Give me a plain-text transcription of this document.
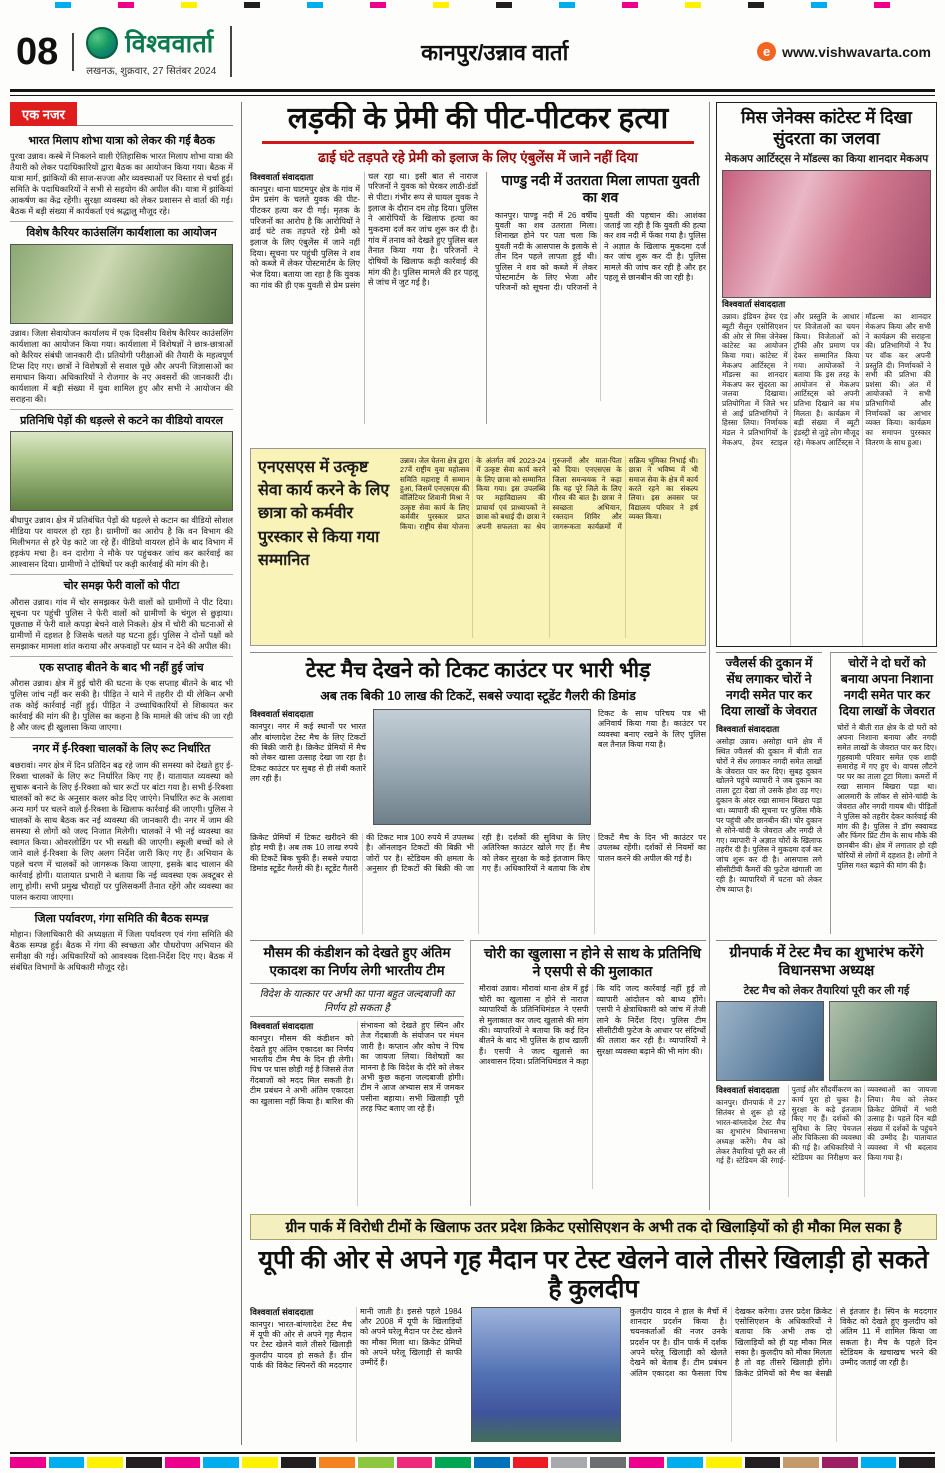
08	विश्ववार्ता
लखनऊ, शुक्रवार, 27 सितंबर 2024
कानपुर/उन्नाव वार्ता	e www.vishwavarta.com
एक नजर
भारत मिलाप शोभा यात्रा को लेकर की गई बैठक

पुरवा उन्नाव। कस्बे में निकलने वाली ऐतिहासिक भारत मिलाप शोभा यात्रा की तैयारी को लेकर पदाधिकारियों द्वारा बैठक का आयोजन किया गया। बैठक में यात्रा मार्ग, झांकियों की साज-सज्जा और व्यवस्थाओं पर विस्तार से चर्चा हुई। समिति के पदाधिकारियों ने सभी से सहयोग की अपील की। यात्रा में झांकियां आकर्षण का केंद्र रहेंगी। सुरक्षा व्यवस्था को लेकर प्रशासन से वार्ता की गई। बैठक में बड़ी संख्या में कार्यकर्ता एवं श्रद्धालु मौजूद रहे।

विशेष कैरियर काउंसलिंग कार्यशाला का आयोजन

उन्नाव। जिला सेवायोजन कार्यालय में एक दिवसीय विशेष कैरियर काउंसलिंग कार्यशाला का आयोजन किया गया। कार्यशाला में विशेषज्ञों ने छात्र-छात्राओं को कैरियर संबंधी जानकारी दी। प्रतियोगी परीक्षाओं की तैयारी के महत्वपूर्ण टिप्स दिए गए। छात्रों ने विशेषज्ञों से सवाल पूछे और अपनी जिज्ञासाओं का समाधान किया। अधिकारियों ने रोजगार के नए अवसरों की जानकारी दी। कार्यशाला में बड़ी संख्या में युवा शामिल हुए और सभी ने आयोजन की सराहना की।

प्रतिनिधि पेड़ों की धड़ल्ले से कटने का वीडियो वायरल

बीघापुर उन्नाव। क्षेत्र में प्रतिबंधित पेड़ों की धड़ल्ले से कटान का वीडियो सोशल मीडिया पर वायरल हो रहा है। ग्रामीणों का आरोप है कि वन विभाग की मिलीभगत से हरे पेड़ काटे जा रहे हैं। वीडियो वायरल होने के बाद विभाग में हड़कंप मचा है। वन दारोगा ने मौके पर पहुंचकर जांच कर कार्रवाई का आश्वासन दिया। ग्रामीणों ने दोषियों पर कड़ी कार्रवाई की मांग की है।

चोर समझ फेरी वालों को पीटा

औरास उन्नाव। गांव में चोर समझकर फेरी वालों को ग्रामीणों ने पीट दिया। सूचना पर पहुंची पुलिस ने फेरी वालों को ग्रामीणों के चंगुल से छुड़ाया। पूछताछ में फेरी वाले कपड़ा बेचने वाले निकले। क्षेत्र में चोरी की घटनाओं से ग्रामीणों में दहशत है जिसके चलते यह घटना हुई। पुलिस ने दोनों पक्षों को समझाकर मामला शांत कराया और अफवाहों पर ध्यान न देने की अपील की।

एक सप्ताह बीतने के बाद भी नहीं हुई जांच

औरास उन्नाव। क्षेत्र में हुई चोरी की घटना के एक सप्ताह बीतने के बाद भी पुलिस जांच नहीं कर सकी है। पीड़ित ने थाने में तहरीर दी थी लेकिन अभी तक कोई कार्रवाई नहीं हुई। पीड़ित ने उच्चाधिकारियों से शिकायत कर कार्रवाई की मांग की है। पुलिस का कहना है कि मामले की जांच की जा रही है और जल्द ही खुलासा किया जाएगा।

नगर में ई-रिक्शा चालकों के लिए रूट निर्धारित

बछरावां। नगर क्षेत्र में दिन प्रतिदिन बढ़ रहे जाम की समस्या को देखते हुए ई-रिक्शा चालकों के लिए रूट निर्धारित किए गए हैं। यातायात व्यवस्था को सुचारू बनाने के लिए ई-रिक्शा को चार रूटों पर बांटा गया है। सभी ई-रिक्शा चालकों को रूट के अनुसार कलर कोड दिए जाएंगे। निर्धारित रूट के अलावा अन्य मार्ग पर चलने वाले ई-रिक्शा के खिलाफ कार्रवाई की जाएगी। पुलिस ने चालकों के साथ बैठक कर नई व्यवस्था की जानकारी दी। नगर में जाम की समस्या से लोगों को जल्द निजात मिलेगी। चालकों ने भी नई व्यवस्था का स्वागत किया। ओवरलोडिंग पर भी सख्ती की जाएगी। स्कूली बच्चों को ले जाने वाले ई-रिक्शा के लिए अलग निर्देश जारी किए गए हैं। अभियान के पहले चरण में चालकों को जागरूक किया जाएगा, इसके बाद चालान की कार्रवाई होगी। यातायात प्रभारी ने बताया कि नई व्यवस्था एक अक्टूबर से लागू होगी। सभी प्रमुख चौराहों पर पुलिसकर्मी तैनात रहेंगे और व्यवस्था का पालन कराया जाएगा।

जिला पर्यावरण, गंगा समिति की बैठक सम्पन्न

मोहान। जिलाधिकारी की अध्यक्षता में जिला पर्यावरण एवं गंगा समिति की बैठक सम्पन्न हुई। बैठक में गंगा की स्वच्छता और पौधरोपण अभियान की समीक्षा की गई। अधिकारियों को आवश्यक दिशा-निर्देश दिए गए। बैठक में संबंधित विभागों के अधिकारी मौजूद रहे।

लड़की के प्रेमी की पीट-पीटकर हत्या
ढाई घंटे तड़पते रहे प्रेमी को इलाज के लिए एंबुलेंस में जाने नहीं दिया
विश्ववार्ता संवाददाता
कानपुर। थाना घाटमपुर क्षेत्र के गांव में प्रेम प्रसंग के चलते युवक की पीट-पीटकर हत्या कर दी गई। मृतक के परिजनों का आरोप है कि आरोपियों ने ढाई घंटे तक तड़पते रहे प्रेमी को इलाज के लिए एंबुलेंस में जाने नहीं दिया। सूचना पर पहुंची पुलिस ने शव को कब्जे में लेकर पोस्टमार्टम के लिए भेज दिया। बताया जा रहा है कि युवक का गांव की ही एक युवती से प्रेम प्रसंग चल रहा था। इसी बात से नाराज परिजनों ने युवक को घेरकर लाठी-डंडों से पीटा। गंभीर रूप से घायल युवक ने इलाज के दौरान दम तोड़ दिया। पुलिस ने आरोपियों के खिलाफ हत्या का मुकदमा दर्ज कर जांच शुरू कर दी है। गांव में तनाव को देखते हुए पुलिस बल तैनात किया गया है। परिजनों ने दोषियों के खिलाफ कड़ी कार्रवाई की मांग की है। पुलिस मामले की हर पहलू से जांच में जुट गई है।
पाण्डु नदी में उतराता मिला लापता युवती का शव
कानपुर। पाण्डु नदी में 26 वर्षीय युवती का शव उतराता मिला। शिनाख्त होने पर पता चला कि युवती नदी के आसपास के इलाके से तीन दिन पहले लापता हुई थी। पुलिस ने शव को कब्जे में लेकर पोस्टमार्टम के लिए भेजा और परिजनों को सूचना दी। परिजनों ने युवती की पहचान की। आशंका जताई जा रही है कि युवती की हत्या कर शव नदी में फेंका गया है। पुलिस ने अज्ञात के खिलाफ मुकदमा दर्ज कर जांच शुरू कर दी है। पुलिस मामले की जांच कर रही है और हर पहलू से छानबीन की जा रही है।
मिस जेनेक्स कांटेस्ट में दिखा सुंदरता का जलवा
मेकअप आर्टिस्ट्स ने मॉडल्स का किया शानदार मेकअप
विश्ववार्ता संवाददाता
उन्नाव। इंडियन हेयर एंड ब्यूटी सैलून एसोसिएशन की ओर से मिस जेनेक्स कांटेस्ट का आयोजन किया गया। कांटेस्ट में मेकअप आर्टिस्ट्स ने मॉडल्स का शानदार मेकअप कर सुंदरता का जलवा दिखाया। प्रतियोगिता में जिले भर से आईं प्रतिभागियों ने हिस्सा लिया। निर्णायक मंडल ने प्रतिभागियों के मेकअप, हेयर स्टाइल और प्रस्तुति के आधार पर विजेताओं का चयन किया। विजेताओं को ट्रॉफी और प्रमाण पत्र देकर सम्मानित किया गया। आयोजकों ने बताया कि इस तरह के आयोजन से मेकअप आर्टिस्ट्स को अपनी प्रतिभा दिखाने का मंच मिलता है। कार्यक्रम में बड़ी संख्या में ब्यूटी इंडस्ट्री से जुड़े लोग मौजूद रहे। मेकअप आर्टिस्ट्स ने मॉडल्स का शानदार मेकअप किया और सभी ने कार्यक्रम की सराहना की। प्रतिभागियों ने रैंप पर वॉक कर अपनी प्रस्तुति दी। निर्णायकों ने सभी की प्रतिभा की प्रशंसा की। अंत में आयोजकों ने सभी प्रतिभागियों और निर्णायकों का आभार व्यक्त किया। कार्यक्रम का समापन पुरस्कार वितरण के साथ हुआ।
एनएसएस में उत्कृष्ट सेवा कार्य करने के लिए छात्रा को कर्मवीर पुरस्कार से किया गया सम्मानित
उन्नाव। जेल चेतना क्षेत्र द्वारा 27वें राष्ट्रीय युवा महोत्सव समिति महाराष्ट्र में सम्मान हुआ, जिसमें एनएसएस की वॉलिंटियर शिवानी मिश्रा ने उत्कृष्ट सेवा कार्य के लिए कर्मवीर पुरस्कार प्राप्त किया। राष्ट्रीय सेवा योजना के अंतर्गत वर्ष 2023-24 में उत्कृष्ट सेवा कार्य करने के लिए छात्रा को सम्मानित किया गया। इस उपलब्धि पर महाविद्यालय की प्राचार्या एवं प्राध्यापकों ने छात्रा को बधाई दी। छात्रा ने अपनी सफलता का श्रेय गुरुजनों और माता-पिता को दिया। एनएसएस के जिला समन्वयक ने कहा कि यह पूरे जिले के लिए गौरव की बात है। छात्रा ने स्वच्छता अभियान, रक्तदान शिविर और जागरूकता कार्यक्रमों में सक्रिय भूमिका निभाई थी। छात्रा ने भविष्य में भी समाज सेवा के क्षेत्र में कार्य करते रहने का संकल्प लिया। इस अवसर पर विद्यालय परिवार ने हर्ष व्यक्त किया।
टेस्ट मैच देखने को टिकट काउंटर पर भारी भीड़
अब तक बिकी 10 लाख की टिकटें, सबसे ज्यादा स्टूडेंट गैलरी की डिमांड
विश्ववार्ता संवाददाता
कानपुर। नगर में कई स्थानों पर भारत और बांग्लादेश टेस्ट मैच के लिए टिकटों की बिक्री जारी है। क्रिकेट प्रेमियों में मैच को लेकर खासा उत्साह देखा जा रहा है। टिकट काउंटर पर सुबह से ही लंबी कतारें लग रही हैं।
टिकट के साथ परिचय पत्र भी अनिवार्य किया गया है। काउंटर पर व्यवस्था बनाए रखने के लिए पुलिस बल तैनात किया गया है।
क्रिकेट प्रेमियों में टिकट खरीदने की होड़ मची है। अब तक 10 लाख रुपये की टिकटें बिक चुकी हैं। सबसे ज्यादा डिमांड स्टूडेंट गैलरी की है। स्टूडेंट गैलरी की टिकट मात्र 100 रुपये में उपलब्ध है। ऑनलाइन टिकटों की बिक्री भी जोरों पर है। स्टेडियम की क्षमता के अनुसार ही टिकटों की बिक्री की जा रही है। दर्शकों की सुविधा के लिए अतिरिक्त काउंटर खोले गए हैं। मैच को लेकर सुरक्षा के कड़े इंतजाम किए गए हैं। अधिकारियों ने बताया कि शेष टिकटें मैच के दिन भी काउंटर पर उपलब्ध रहेंगी। दर्शकों से नियमों का पालन करने की अपील की गई है।
ज्वैलर्स की दुकान में सेंध लगाकर चोरों ने नगदी समेत पार कर दिया लाखों के जेवरात
विश्ववार्ता संवाददाता

असोहा उन्नाव। असोहा थाने क्षेत्र में स्थित ज्वैलर्स की दुकान में बीती रात चोरों ने सेंध लगाकर नगदी समेत लाखों के जेवरात पार कर दिए। सुबह दुकान खोलने पहुंचे व्यापारी ने जब दुकान का ताला टूटा देखा तो उसके होश उड़ गए। दुकान के अंदर रखा सामान बिखरा पड़ा था। व्यापारी की सूचना पर पुलिस मौके पर पहुंची और छानबीन की। चोर दुकान से सोने-चांदी के जेवरात और नगदी ले गए। व्यापारी ने अज्ञात चोरों के खिलाफ तहरीर दी है। पुलिस ने मुकदमा दर्ज कर जांच शुरू कर दी है। आसपास लगे सीसीटीवी कैमरों की फुटेज खंगाली जा रही है। व्यापारियों में घटना को लेकर रोष व्याप्त है।

चोरों ने दो घरों को बनाया अपना निशाना नगदी समेत पार कर दिया लाखों के जेवरात

चोरों ने बीती रात क्षेत्र के दो घरों को अपना निशाना बनाया और नगदी समेत लाखों के जेवरात पार कर दिए। गृहस्वामी परिवार समेत एक शादी समारोह में गए हुए थे। वापस लौटने पर घर का ताला टूटा मिला। कमरों में रखा सामान बिखरा पड़ा था। आलमारी के लॉकर से सोने-चांदी के जेवरात और नगदी गायब थी। पीड़ितों ने पुलिस को तहरीर देकर कार्रवाई की मांग की है। पुलिस ने डॉग स्क्वायड और फिंगर प्रिंट टीम के साथ मौके की छानबीन की। क्षेत्र में लगातार हो रही चोरियों से लोगों में दहशत है। लोगों ने पुलिस गश्त बढ़ाने की मांग की है।

मौसम की कंडीशन को देखते हुए अंतिम एकादश का निर्णय लेगी भारतीय टीम
विदेश के यात्कार पर अभी का पाना बहुत जल्दबाजी का निर्णय हो सकता है
विश्ववार्ता संवाददाता
कानपुर। मौसम की कंडीशन को देखते हुए अंतिम एकादश का निर्णय भारतीय टीम मैच के दिन ही लेगी। पिच पर घास छोड़ी गई है जिससे तेज गेंदबाजों को मदद मिल सकती है। टीम प्रबंधन ने अभी अंतिम एकादश का खुलासा नहीं किया है। बारिश की संभावना को देखते हुए स्पिन और तेज गेंदबाजी के संयोजन पर मंथन जारी है। कप्तान और कोच ने पिच का जायजा लिया। विशेषज्ञों का मानना है कि विदेश के दौरे को लेकर अभी कुछ कहना जल्दबाजी होगी। टीम ने आज अभ्यास सत्र में जमकर पसीना बहाया। सभी खिलाड़ी पूरी तरह फिट बताए जा रहे हैं।
चोरी का खुलासा न होने से साथ के प्रतिनिधि ने एसपी से की मुलाकात
मौरावां उन्नाव। मौरावां थाना क्षेत्र में हुई चोरी का खुलासा न होने से नाराज व्यापारियों के प्रतिनिधिमंडल ने एसपी से मुलाकात कर जल्द खुलासे की मांग की। व्यापारियों ने बताया कि कई दिन बीतने के बाद भी पुलिस के हाथ खाली हैं। एसपी ने जल्द खुलासे का आश्वासन दिया। प्रतिनिधिमंडल ने कहा कि यदि जल्द कार्रवाई नहीं हुई तो व्यापारी आंदोलन को बाध्य होंगे। एसपी ने क्षेत्राधिकारी को जांच में तेजी लाने के निर्देश दिए। पुलिस टीम सीसीटीवी फुटेज के आधार पर संदिग्धों की तलाश कर रही है। व्यापारियों ने सुरक्षा व्यवस्था बढ़ाने की भी मांग की।
ग्रीनपार्क में टेस्ट मैच का शुभारंभ करेंगे विधानसभा अध्यक्ष
टेस्ट मैच को लेकर तैयारियां पूरी कर ली गई
विश्ववार्ता संवाददाता
कानपुर। ग्रीनपार्क में 27 सितंबर से शुरू हो रहे भारत-बांग्लादेश टेस्ट मैच का शुभारंभ विधानसभा अध्यक्ष करेंगे। मैच को लेकर तैयारियां पूरी कर ली गई हैं। स्टेडियम की रंगाई-पुताई और सौंदर्यीकरण का कार्य पूरा हो चुका है। सुरक्षा के कड़े इंतजाम किए गए हैं। दर्शकों की सुविधा के लिए पेयजल और चिकित्सा की व्यवस्था की गई है। अधिकारियों ने स्टेडियम का निरीक्षण कर व्यवस्थाओं का जायजा लिया। मैच को लेकर क्रिकेट प्रेमियों में भारी उत्साह है। पहले दिन बड़ी संख्या में दर्शकों के पहुंचने की उम्मीद है। यातायात व्यवस्था में भी बदलाव किया गया है।
ग्रीन पार्क में विरोधी टीमों के खिलाफ उतर प्रदेश क्रिकेट एसोसिएशन के अभी तक दो खिलाड़ियों को ही मौका मिल सका है
यूपी की ओर से अपने गृह मैदान पर टेस्ट खेलने वाले तीसरे खिलाड़ी हो सकते है कुलदीप
विश्ववार्ता संवाददाता
कानपुर। भारत-बांग्लादेश टेस्ट मैच में यूपी की ओर से अपने गृह मैदान पर टेस्ट खेलने वाले तीसरे खिलाड़ी कुलदीप यादव हो सकते हैं। ग्रीन पार्क की विकेट स्पिनरों की मददगार मानी जाती है। इससे पहले 1984 और 2008 में यूपी के खिलाड़ियों को अपने घरेलू मैदान पर टेस्ट खेलने का मौका मिला था। क्रिकेट प्रेमियों को अपने घरेलू खिलाड़ी से काफी उम्मीदें हैं।
कुलदीप यादव ने हाल के मैचों में शानदार प्रदर्शन किया है। चयनकर्ताओं की नजर उनके प्रदर्शन पर है। ग्रीन पार्क में दर्शक अपने घरेलू खिलाड़ी को खेलते देखने को बेताब हैं। टीम प्रबंधन अंतिम एकादश का फैसला पिच देखकर करेगा। उत्तर प्रदेश क्रिकेट एसोसिएशन के अधिकारियों ने बताया कि अभी तक दो खिलाड़ियों को ही यह मौका मिल सका है। कुलदीप को मौका मिलता है तो वह तीसरे खिलाड़ी होंगे। क्रिकेट प्रेमियों को मैच का बेसब्री से इंतजार है। स्पिन के मददगार विकेट को देखते हुए कुलदीप को अंतिम 11 में शामिल किया जा सकता है। मैच के पहले दिन स्टेडियम के खचाखच भरने की उम्मीद जताई जा रही है।
